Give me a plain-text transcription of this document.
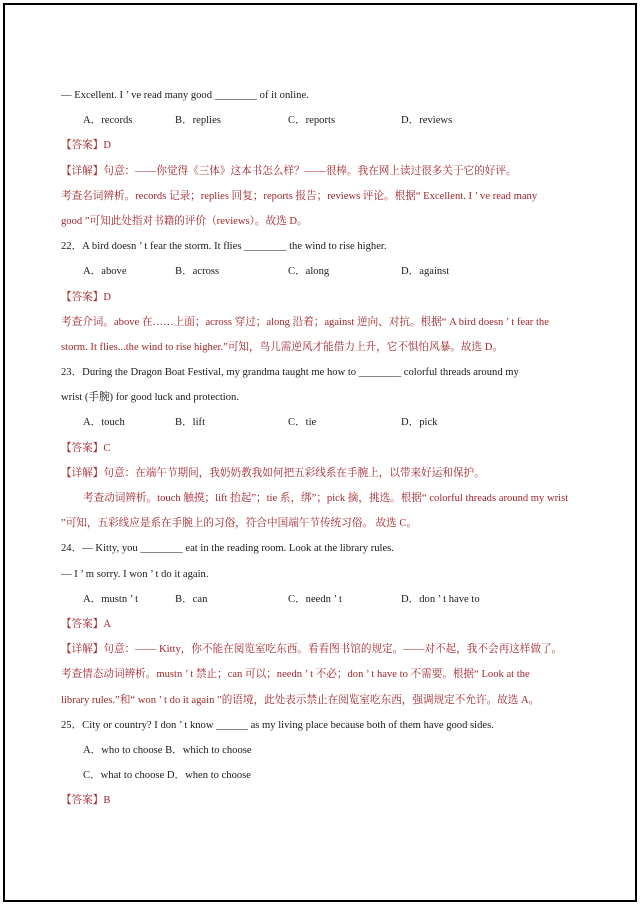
— Excellent. I ’ ve read many good ________ of it online.
A．records	B．replies	C．reports	D．reviews
【答案】D
【详解】句意：——你觉得《三体》这本书怎么样？——很棒。我在网上读过很多关于它的好评。
考查名词辨析。records 记录；replies 回复；reports 报告；reviews 评论。根据“ Excellent. I ’ ve read many
good ”可知此处指对书籍的评价（reviews）。故选 D。
22．A bird doesn ’ t fear the storm. It flies ________ the wind to rise higher.
A．above	B．across	C．along	D．against
【答案】D
考查介词。above 在……上面；across 穿过；along 沿着；against 逆向、对抗。根据“ A bird doesn ’ t fear the
storm. It flies...the wind to rise higher.”可知，鸟儿需逆风才能借力上升，它不惧怕风暴。故选 D。
23．During the Dragon Boat Festival, my grandma taught me how to ________ colorful threads around my
wrist (手腕) for good luck and protection.
A．touch	B．lift	C．tie	D．pick
【答案】C
【详解】句意：在端午节期间，我奶奶教我如何把五彩线系在手腕上，以带来好运和保护。
考查动词辨析。touch 触摸；lift 抬起”；tie 系，绑”；pick 摘，挑选。根据“ colorful threads around my wrist
”可知，五彩线应是系在手腕上的习俗，符合中国端午节传统习俗。 故选 C。
24．— Kitty, you ________ eat in the reading room. Look at the library rules.
— I ’ m sorry. I won ’ t do it again.
A．mustn ’ t	B．can	C．needn ’ t	D．don ’ t have to
【答案】A
【详解】句意：—— Kitty，你不能在阅览室吃东西。看看图书馆的规定。——对不起，我不会再这样做了。
考查情态动词辨析。mustn ’ t 禁止；can 可以；needn ’ t 不必；don ’ t have to 不需要。根据“ Look at the
library rules.”和“ won ’ t do it again ”的语境，此处表示禁止在阅览室吃东西，强调规定不允许。故选 A。
25．City or country? I don ’ t know ______ as my living place because both of them have good sides.
A．who to choose B．which to choose
C．what to choose D．when to choose
【答案】B
